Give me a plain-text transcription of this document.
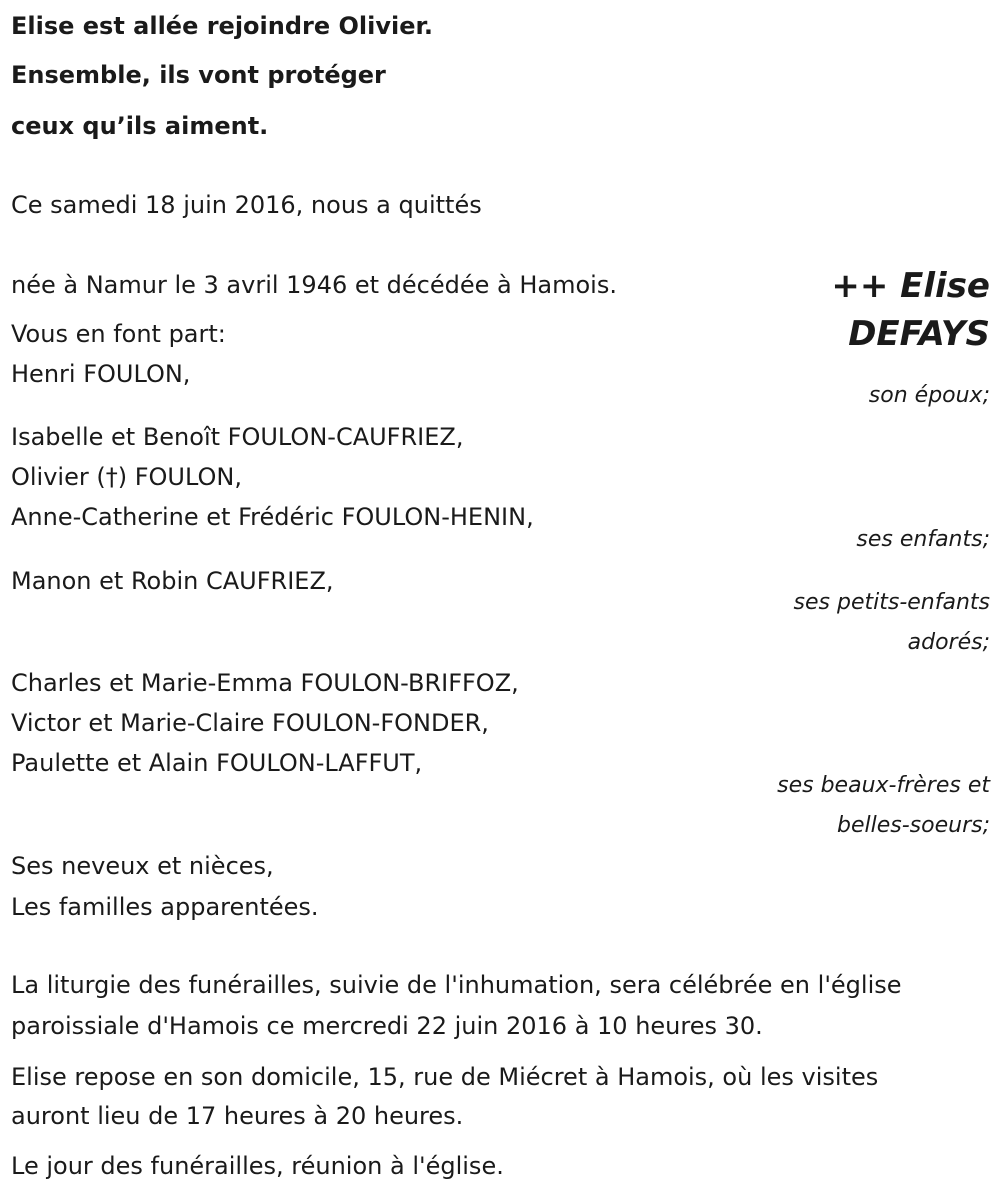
Elise est allée rejoindre Olivier.
Ensemble, ils vont protéger
ceux qu’ils aiment.
Ce samedi 18 juin 2016, nous a quittés
née à Namur le 3 avril 1946 et décédée à Hamois.	++ Elise
DEFAYS
Vous en font part:
Henri FOULON,
son époux;
Isabelle et Benoît FOULON-CAUFRIEZ,
Olivier (†) FOULON,
Anne-Catherine et Frédéric FOULON-HENIN,
ses enfants;
Manon et Robin CAUFRIEZ,
ses petits-enfants
adorés;
Charles et Marie-Emma FOULON-BRIFFOZ,
Victor et Marie-Claire FOULON-FONDER,
Paulette et Alain FOULON-LAFFUT,
ses beaux-frères et
belles-soeurs;
Ses neveux et nièces,
Les familles apparentées.
La liturgie des funérailles, suivie de l'inhumation, sera célébrée en l'église
paroissiale d'Hamois ce mercredi 22 juin 2016 à 10 heures 30.
Elise repose en son domicile, 15, rue de Miécret à Hamois, où les visites
auront lieu de 17 heures à 20 heures.
Le jour des funérailles, réunion à l'église.
